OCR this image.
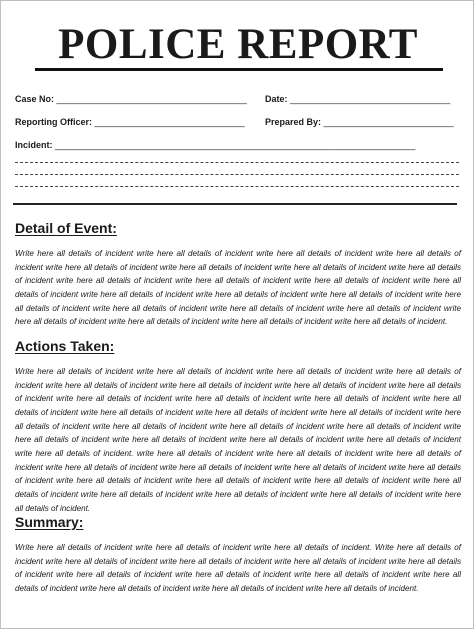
POLICE REPORT
Case No: ______________________________________ Date: ________________________________
Reporting Officer: ______________________________ Prepared By: __________________________
Incident: ________________________________________________________________________
Detail of Event:
Write here all details of incident write here all details of incident write here all details of incident write here all details of incident write here all details of incident write here all details of incident write here all details of incident write here all details of incident write here all details of incident write here all details of incident write here all details of incident write here all details of incident write here all details of incident write here all details of incident write here all details of incident write here all details of incident write here all details of incident write here all details of incident write here all details of incident write here all details of incident write here all details of incident write here all details of incident write here all details of incident.
Actions Taken:
Write here all details of incident write here all details of incident write here all details of incident write here all details of incident write here all details of incident write here all details of incident write here all details of incident write here all details of incident write here all details of incident write here all details of incident write here all details of incident write here all details of incident write here all details of incident write here all details of incident write here all details of incident write here all details of incident write here all details of incident write here all details of incident write here all details of incident write here all details of incident write here all details of incident write here all details of incident write here all details of incident write here all details of incident. write here all details of incident write here all details of incident write here all details of incident write here all details of incident write here all details of incident write here all details of incident write here all details of incident write here all details of incident write here all details of incident write here all details of incident write here all details of incident write here all details of incident write here all details of incident write here all details of incident write here all details of incident.
Summary:
Write here all details of incident write here all details of incident write here all details of incident. Write here all details of incident write here all details of incident write here all details of incident write here all details of incident write here all details of incident write here all details of incident write here all details of incident write here all details of incident write here all details of incident write here all details of incident write here all details of incident write here all details of incident.
